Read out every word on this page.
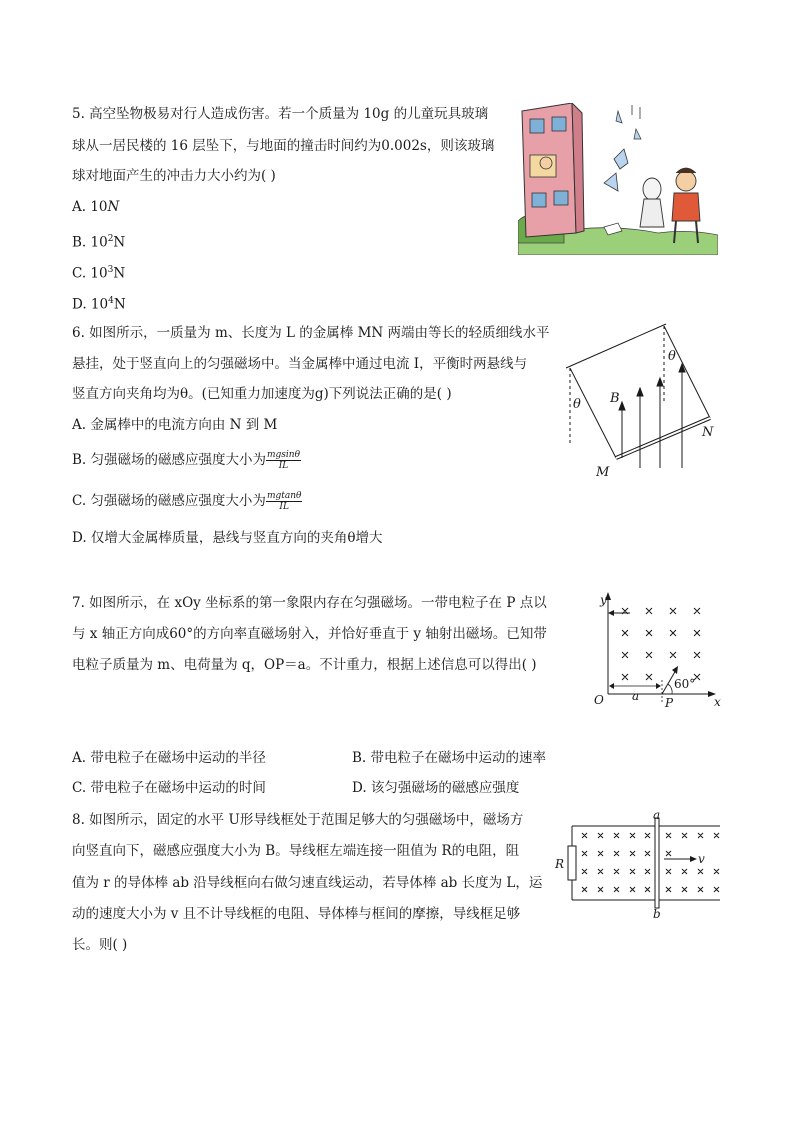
5. 高空坠物极易对行人造成伤害。若一个质量为 10g 的儿童玩具玻璃
球从一居民楼的 16 层坠下，与地面的撞击时间约为0.002s，则该玻璃
球对地面产生的冲击力大小约为( )
A. 10N
B. $10^2N$
C. $10^3N$
D. $10^4N$
6. 如图所示，一质量为 m、长度为 L 的金属棒 MN 两端由等长的轻质细线水平
悬挂，处于竖直向上的匀强磁场中。当金属棒中通过电流 I，平衡时两悬线与
竖直方向夹角均为θ。(已知重力加速度为g)下列说法正确的是( )
A. 金属棒中的电流方向由 N 到 M
B. 匀强磁场的磁感应强度大小为 $\frac{mgsin\theta}{IL}$
C. 匀强磁场的磁感应强度大小为 $\frac{mgtan\theta}{IL}$
D. 仅增大金属棒质量，悬线与竖直方向的夹角θ增大
θ
θ
B
N
M
7. 如图所示，在 xOy 坐标系的第一象限内存在匀强磁场。一带电粒子在 P 点以
与 x 轴正方向成60°的方向率直磁场射入，并恰好垂直于 y 轴射出磁场。已知带
电粒子质量为 m、电荷量为 q，OP＝a。不计重力，根据上述信息可以得出( )
A. 带电粒子在磁场中运动的半径	B. 带电粒子在磁场中运动的速率
C. 带电粒子在磁场中运动的时间	D. 该匀强磁场的磁感应强度
y
x
O a P
60°
8. 如图所示，固定的水平 U形导线框处于范围足够大的匀强磁场中，磁场方
向竖直向下，磁感应强度大小为 B。导线框左端连接一阻值为 R的电阻，阻
值为 r 的导体棒 ab 沿导线框向右做匀速直线运动，若导体棒 ab 长度为 L，运
动的速度大小为 v 且不计导线框的电阻、导体棒与框间的摩擦，导线框足够
长。则( )
a
b
R	v
